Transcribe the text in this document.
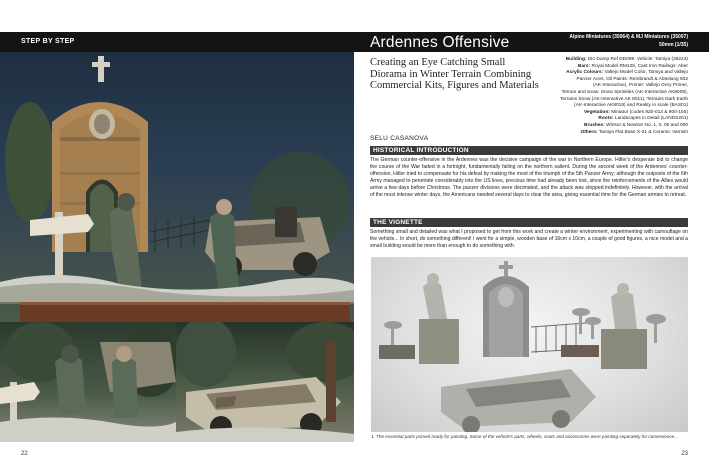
STEP BY STEP
22
Ardennes Offensive	Alpine Miniatures (35064) & MJ Miniatures (35007)
50mm (1/35)
Creating an Eye Catching Small Diorama in Winter Terrain Combining Commercial Kits, Figures and Materials
SELU CASANOVA
Building: Dio Dump Ref DD089. Vehicle: Tamiya (35224)
Bars: Royal Model RM126, Cast Iron Railings: Aber
Acrylic Colours: Vallejo Model Color, Tamiya and Vallejo
Panzer Aces, Oil Paints: Rembrandt & Abteilung 502
(AK-Interactive), Primer: Vallejo Grey Primer,
Terrain and snow: Snow Sprinkles (AK-Interactive AK8009),
Terrains Snow (AK-Interactive AK 8011), Terrains Dark Earth
(AK-Interactive AK8018) and Reality in scale (BAS01)
Vegetation: Miniatur (codes 920-013 & 900-155)
Roots: Landscapes in Detail (LANDS201)
Brushes: Winsor & Newton No. 1, 0, 00 and 000
Others: Tamiya Flat Base X-21 & Ceramic Varnish
HISTORICAL INTRODUCTION
The German counter-offensive in the Ardennes was the decisive campaign of the war in Northern Europe. Hitler's desperate bid to change the course of the War faded in a fortnight, fundamentally failing on the northern salient. During the second week of the Ardennes' counter-offensive, Hitler tried to compensate for his defeat by making the most of the triumph of the 5th Panzer Army; although the outposts of the 6th Army managed to penetrate considerably into the US lines, precious time had already been lost, since the reinforcements of the Allies would arrive a few days before Christmas. The panzer divisions were decimated, and the attack was stopped indefinitely. However, with the arrival of the most intense winter days, the Americans needed several days to clear the area, giving essential time for the German armies to retreat.
THE VIGNETTE
Something small and detailed was what I proposed to get from this work and create a winter environment, experimenting with camouflage on the vehicle... In short, do something different! I went for a simple, wooden base of 16cm x 10cm, a couple of good figures, a nice model and a small building would be more than enough to do something with.
1. The essential parts primed ready for painting. Some of the vehicle's parts, wheels, seats and accessories were painting separately for convenience...
23
